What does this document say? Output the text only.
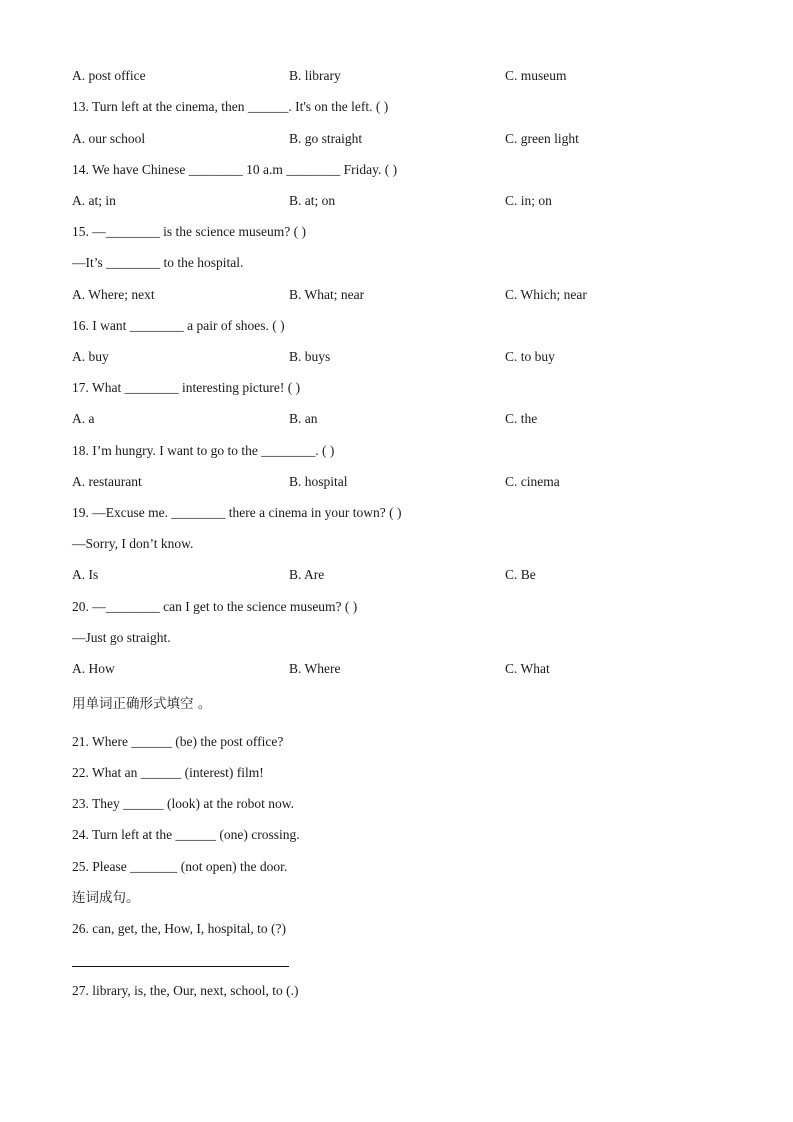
A. post office	B. library	C. museum
13. Turn left at the cinema, then ______. It's on the left. ( )
A. our school	B. go straight	C. green light
14. We have Chinese ________ 10 a.m ________ Friday. ( )
A. at; in	B. at; on	C. in; on
15. —________ is the science museum? ( )
—It’s ________ to the hospital.
A. Where; next	B. What; near	C. Which; near
16. I want ________ a pair of shoes. ( )
A. buy	B. buys	C. to buy
17. What ________ interesting picture! ( )
A. a	B. an	C. the
18. I’m hungry. I want to go to the ________. ( )
A. restaurant	B. hospital	C. cinema
19. —Excuse me. ________ there a cinema in your town? ( )
—Sorry, I don’t know.
A. Is	B. Are	C. Be
20. —________ can I get to the science museum? ( )
—Just go straight.
A. How	B. Where	C. What
用单词正确形式填空 。
21. Where ______ (be) the post office?
22. What an ______ (interest) film!
23. They ______ (look) at the robot now.
24. Turn left at the ______ (one) crossing.
25. Please _______ (not open) the door.
连词成句。
26. can, get, the, How, I, hospital, to (?)
27. library, is, the, Our, next, school, to (.)
